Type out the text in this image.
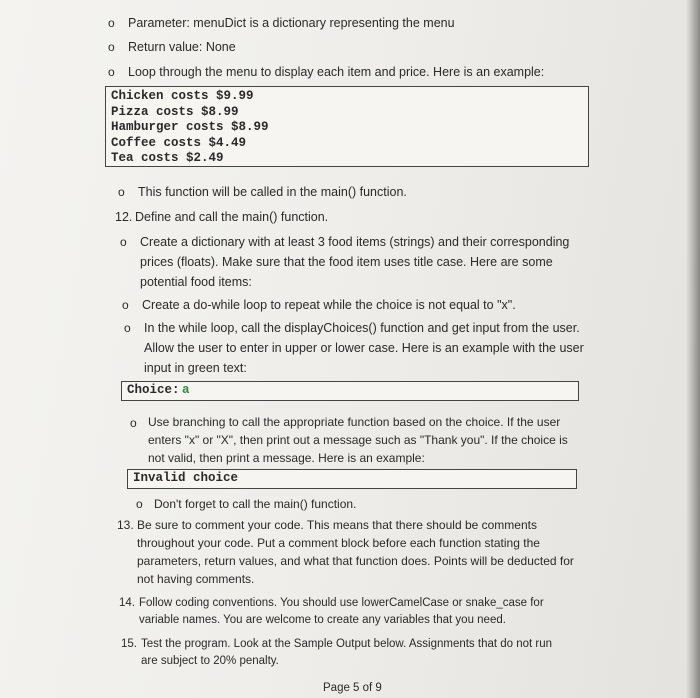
o Parameter: menuDict is a dictionary representing the menu
o Return value: None
o Loop through the menu to display each item and price. Here is an example:
Chicken costs $9.99
Pizza costs $8.99
Hamburger costs $8.99
Coffee costs $4.49
Tea costs $2.49
o This function will be called in the main() function.
12. Define and call the main() function.
o Create a dictionary with at least 3 food items (strings) and their corresponding
prices (floats). Make sure that the food item uses title case. Here are some
potential food items:
o Create a do-while loop to repeat while the choice is not equal to "x".
o In the while loop, call the displayChoices() function and get input from the user.
Allow the user to enter in upper or lower case. Here is an example with the user
input in green text:
Choice: a
o Use branching to call the appropriate function based on the choice. If the user
enters "x" or "X", then print out a message such as "Thank you". If the choice is
not valid, then print a message. Here is an example:
Invalid choice
o Don't forget to call the main() function.
13. Be sure to comment your code. This means that there should be comments
throughout your code. Put a comment block before each function stating the
parameters, return values, and what that function does. Points will be deducted for
not having comments.
14. Follow coding conventions. You should use lowerCamelCase or snake_case for
variable names. You are welcome to create any variables that you need.
15. Test the program. Look at the Sample Output below. Assignments that do not run
are subject to 20% penalty.
Page 5 of 9
